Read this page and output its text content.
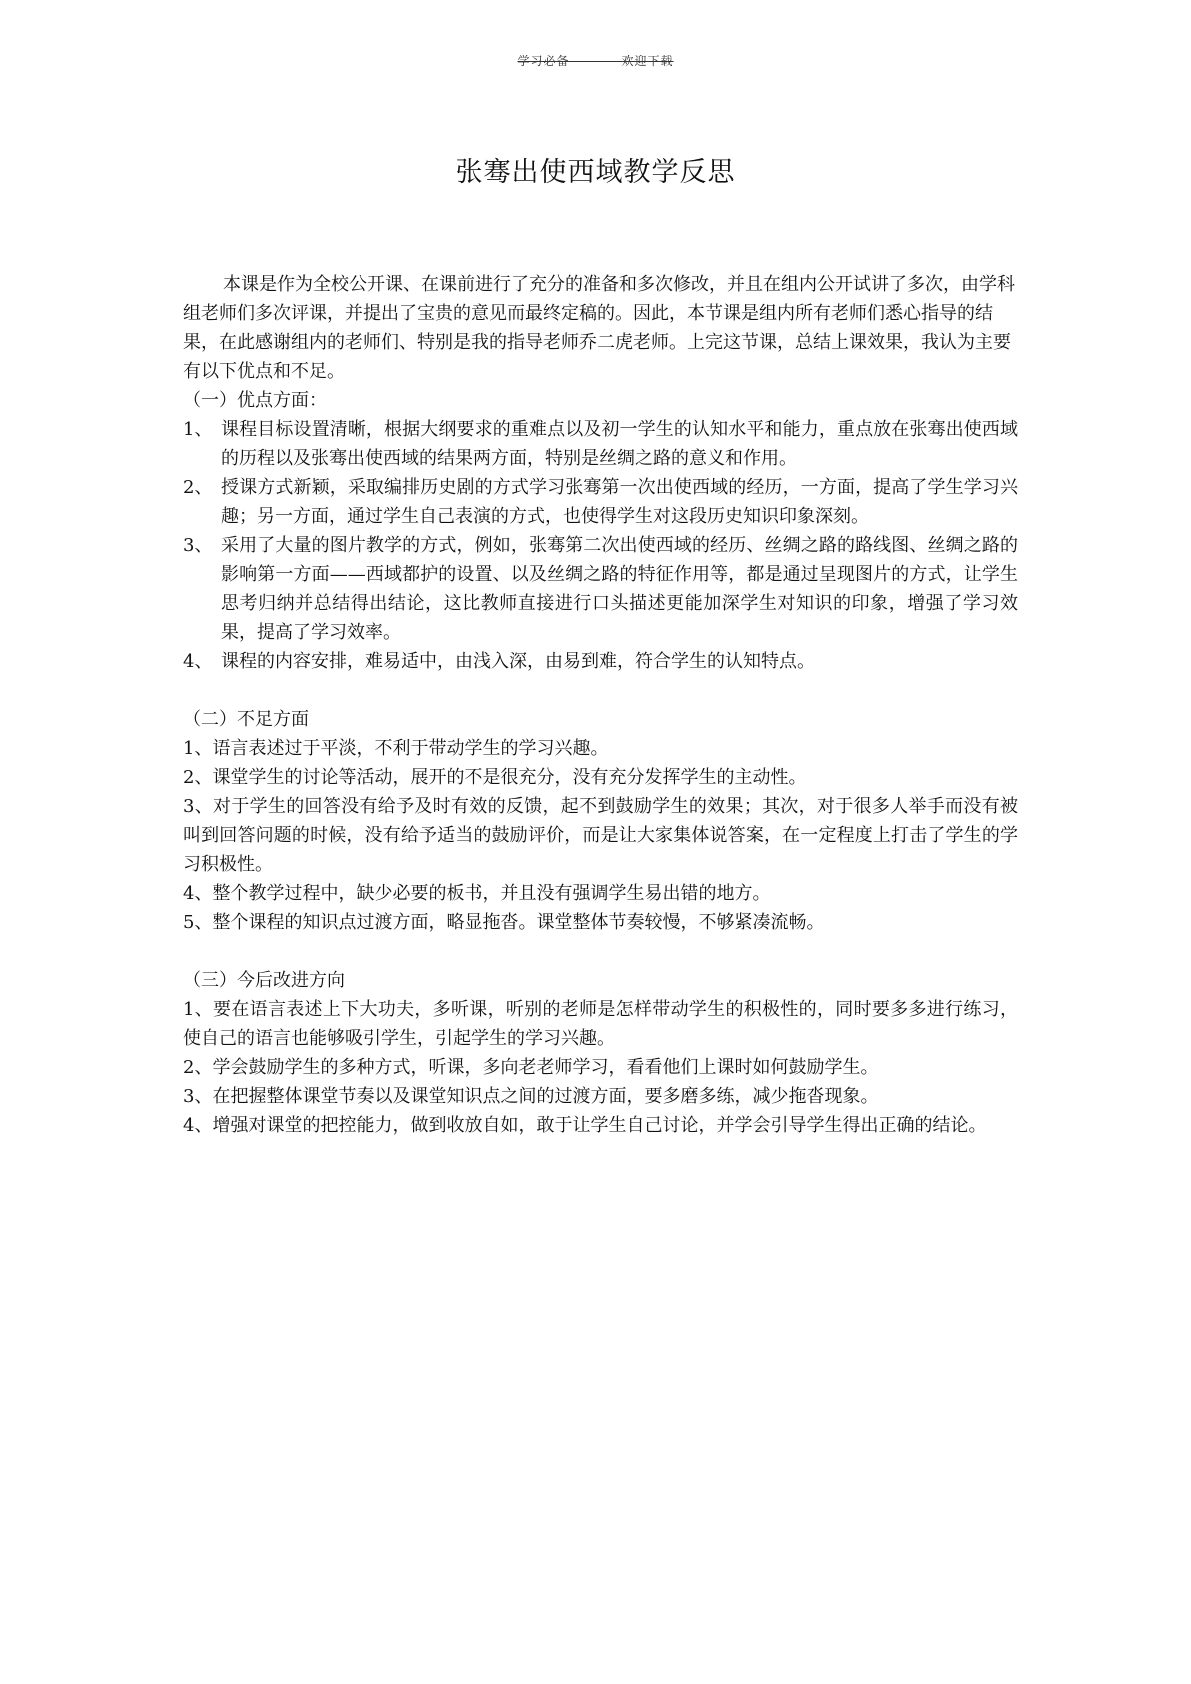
学习必备————欢迎下载
张骞出使西域教学反思

本课是作为全校公开课、在课前进行了充分的准备和多次修改，并且在组内公开试讲了多次，由学科组老师们多次评课，并提出了宝贵的意见而最终定稿的。因此，本节课是组内所有老师们悉心指导的结果，在此感谢组内的老师们、特别是我的指导老师乔二虎老师。上完这节课，总结上课效果，我认为主要有以下优点和不足。

（一）优点方面：
1、 课程目标设置清晰，根据大纲要求的重难点以及初一学生的认知水平和能力，重点放在张骞出使西域的历程以及张骞出使西域的结果两方面，特别是丝绸之路的意义和作用。
2、 授课方式新颖，采取编排历史剧的方式学习张骞第一次出使西域的经历，一方面，提高了学生学习兴趣；另一方面，通过学生自己表演的方式，也使得学生对这段历史知识印象深刻。
3、 采用了大量的图片教学的方式，例如，张骞第二次出使西域的经历、丝绸之路的路线图、丝绸之路的影响第一方面——西域都护的设置、以及丝绸之路的特征作用等，都是通过呈现图片的方式，让学生思考归纳并总结得出结论，这比教师直接进行口头描述更能加深学生对知识的印象，增强了学习效果，提高了学习效率。
4、 课程的内容安排，难易适中，由浅入深，由易到难，符合学生的认知特点。
（二）不足方面
1、语言表述过于平淡，不利于带动学生的学习兴趣。
2、课堂学生的讨论等活动，展开的不是很充分，没有充分发挥学生的主动性。
3、对于学生的回答没有给予及时有效的反馈，起不到鼓励学生的效果；其次，对于很多人举手而没有被叫到回答问题的时候，没有给予适当的鼓励评价，而是让大家集体说答案，在一定程度上打击了学生的学习积极性。
4、整个教学过程中，缺少必要的板书，并且没有强调学生易出错的地方。
5、整个课程的知识点过渡方面，略显拖沓。课堂整体节奏较慢，不够紧凑流畅。
（三）今后改进方向
1、要在语言表述上下大功夫，多听课，听别的老师是怎样带动学生的积极性的，同时要多多进行练习，使自己的语言也能够吸引学生，引起学生的学习兴趣。
2、学会鼓励学生的多种方式，听课，多向老老师学习，看看他们上课时如何鼓励学生。
3、在把握整体课堂节奏以及课堂知识点之间的过渡方面，要多磨多练，减少拖沓现象。
4、增强对课堂的把控能力，做到收放自如，敢于让学生自己讨论，并学会引导学生得出正确的结论。
